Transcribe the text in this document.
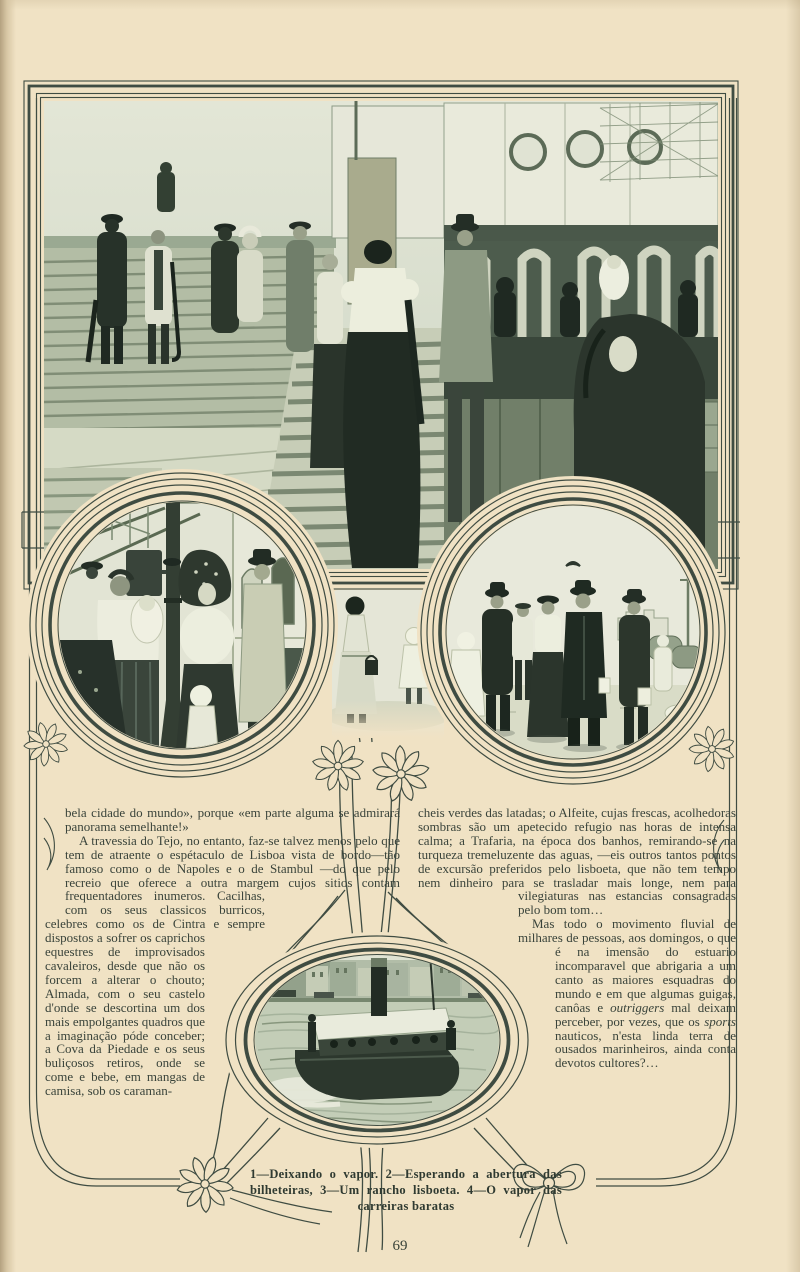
bela cidade do mundo», porque «em parte alguma se admirará panorama semelhante!»

A travessia do Tejo, no entanto, faz-se talvez menos pelo que tem de atraente o espétaculo de Lisboa vista de bordo—tão famoso como o de Napoles e o de Stambul —do que pelo recreio que oferece a outra margem cujos sitios contam frequentadores inumeros. Cacilhas, com os seus classicos burricos, celebres como os de Cintra e sempre dispostos a sofrer os caprichos equestres de improvisados cavaleiros, desde que não os forcem a alterar o chouto; Almada, com o seu castelo d'onde se descortina um dos mais empolgantes quadros que a imaginação póde conceber; a Cova da Piedade e os seus buliçosos retiros, onde se come e bebe, em mangas de camisa, sob os caraman-

cheis verdes das latadas; o Alfeite, cujas frescas, acolhedoras sombras são um apetecido refugio nas horas de intensa calma; a Trafaria, na época dos banhos, remirando-se na turqueza tremeluzente das aguas, —eis outros tantos pontos de excursão preferidos pelo lisboeta, que não tem tempo nem dinheiro para se trasladar mais longe, nem para vilegiaturas nas estancias consagradas pelo bom tom…

Mas todo o movimento fluvial de milhares de pessoas, aos domingos, o que é na imensão do estuario incomparavel que abrigaria a um canto as maiores esquadras do mundo e em que algumas guigas, canôas e outriggers mal deixam perceber, por vezes, que os sports nauticos, n'esta linda terra de ousados marinheiros, ainda conta devotos cultores?…

1—Deixando o vapor. 2—Esperando a abertura das bilheteiras, 3—Um rancho lisboeta. 4—O vapor das carreiras baratas
69
